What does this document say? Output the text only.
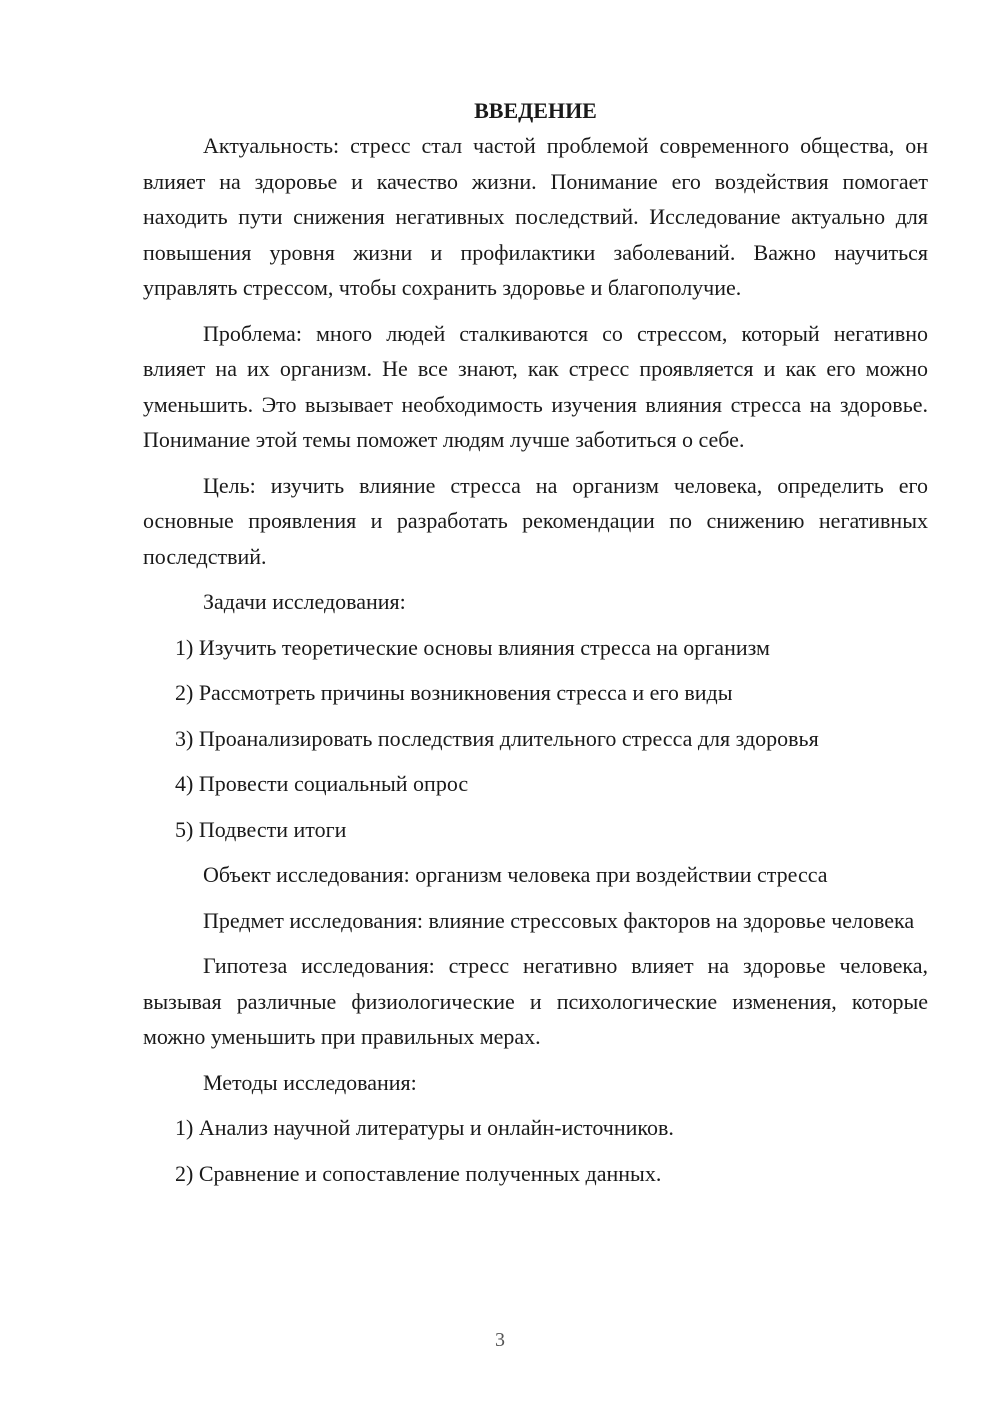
ВВЕДЕНИЕ

Актуальность: стресс стал частой проблемой современного общества, он влияет на здоровье и качество жизни. Понимание его воздействия помогает находить пути снижения негативных последствий. Исследование актуально для повышения уровня жизни и профилактики заболеваний. Важно научиться управлять стрессом, чтобы сохранить здоровье и благополучие.

Проблема: много людей сталкиваются со стрессом, который негативно влияет на их организм. Не все знают, как стресс проявляется и как его можно уменьшить. Это вызывает необходимость изучения влияния стресса на здоровье. Понимание этой темы поможет людям лучше заботиться о себе.

Цель: изучить влияние стресса на организм человека, определить его основные проявления и разработать рекомендации по снижению негативных последствий.

Задачи исследования:
1) Изучить теоретические основы влияния стресса на организм
2) Рассмотреть причины возникновения стресса и его виды
3) Проанализировать последствия длительного стресса для здоровья
4) Провести социальный опрос
5) Подвести итоги
Объект исследования: организм человека при воздействии стресса

Предмет исследования: влияние стрессовых факторов на здоровье человека

Гипотеза исследования: стресс негативно влияет на здоровье человека, вызывая различные физиологические и психологические изменения, которые можно уменьшить при правильных мерах.

Методы исследования:
1) Анализ научной литературы и онлайн-источников.
2) Сравнение и сопоставление полученных данных.
3
